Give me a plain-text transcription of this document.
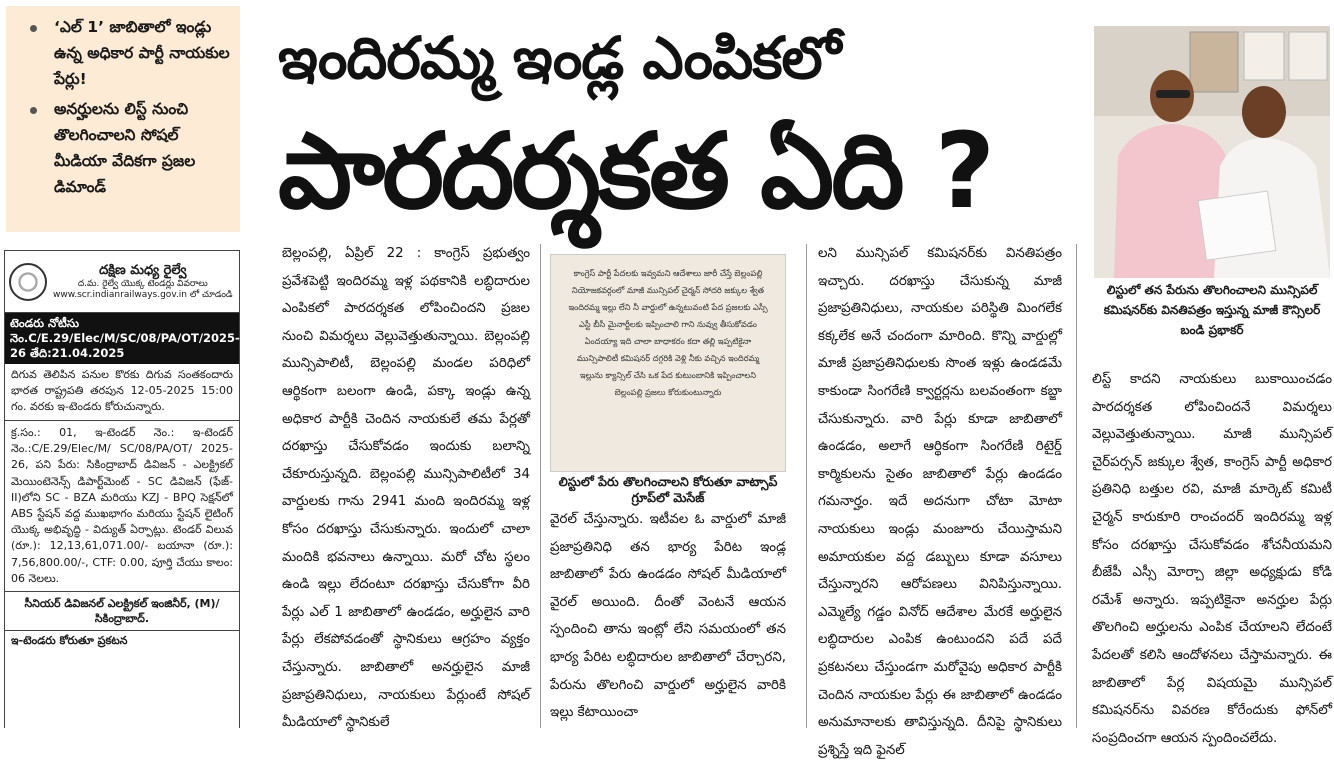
‘ఎల్ 1’ జాబితాలో ఇండ్లు ఉన్న అధికార పార్టీ నాయకుల పేర్లు!
అనర్హులను లిస్ట్ నుంచి తొలగించాలని సోషల్ మీడియా వేదికగా ప్రజల డిమాండ్
దక్షిణ మధ్య రైల్వే
ద.మ. రైల్వే యొక్క టెండర్లు వివరాలు
www.scr.indianrailways.gov.in లో చూడండి
టెండరు నోటీసు నెం.C/E.29/Elec/M/SC/08/PA/OT/2025-26 తేది:21.04.2025
దిగువ తెలిపిన పనుల కొరకు దిగువ సంతకందారు భారత రాష్ట్రపతి తరపున 12-05-2025 15:00 గం. వరకు ఇ-టెండరు కోరుచున్నారు.
క్ర.సం.: 01, ఇ-టెండర్ నెం.: ఇ-టెండర్ నెం.:C/E.29/Elec/M/ SC/08/PA/OT/ 2025-26, పని పేరు: సికింద్రాబాద్ డివిజన్ - ఎలక్ట్రికల్ మెయింటెనెన్స్ డిపార్ట్‌మెంట్ - SC డివిజన్ (ఫేజ్-II)లోని SC - BZA మరియు KZJ - BPQ సెక్షన్‌లో ABS స్టేషన్ వద్ద ముఖభాగం మరియు స్టేషన్ లైటింగ్ యొక్క అభివృద్ధి - విద్యుత్ ఏర్పాట్లు. టెండర్ విలువ (రూ.): 12,13,61,071.00/- బయానా (రూ.): 7,56,800.00/-, CTF: 0.00, పూర్తి చేయు కాలం: 06 నెలలు.
సీనియర్ డివిజనల్ ఎలక్ట్రికల్ ఇంజినీర్, (M)/సికింద్రాబాద్.
ఇ-టెండరు కోరుతూ ప్రకటన
ఇందిరమ్మ ఇండ్ల ఎంపికలో
పారదర్శకత ఏది ?
బెల్లంపల్లి, ఏప్రిల్ 22 : కాంగ్రెస్ ప్రభుత్వం ప్రవేశపెట్టి ఇందిరమ్మ ఇళ్ల పథకానికి లబ్ధిదారుల ఎంపికలో పారదర్శకత లోపించిందని ప్రజల నుంచి విమర్శలు వెల్లువెత్తుతున్నాయి. బెల్లంపల్లి మున్సిపాలిటీ, బెల్లంపల్లి మండల పరిధిలో ఆర్థికంగా బలంగా ఉండి, పక్కా ఇండ్లు ఉన్న అధికార పార్టీకి చెందిన నాయకులే తమ పేర్లతో దరఖాస్తు చేసుకోవడం ఇందుకు బలాన్ని చేకూరుస్తున్నది. బెల్లంపల్లి మున్సిపాలిటీలో 34 వార్డులకు గాను 2941 మంది ఇందిరమ్మ ఇళ్ల కోసం దరఖాస్తు చేసుకున్నారు. ఇందులో చాలా మందికి భవనాలు ఉన్నాయి. మరో చోట స్థలం ఉండి ఇల్లు లేదంటూ దరఖాస్తు చేసుకోగా వీరి పేర్లు ఎల్ 1 జాబితాలో ఉండడం, అర్హులైన వారి పేర్లు లేకపోవడంతో స్థానికులు ఆగ్రహం వ్యక్తం చేస్తున్నారు. జాబితాలో అనర్హులైన మాజీ ప్రజాప్రతినిధులు, నాయకులు పేర్లుంటే సోషల్ మీడియాలో స్థానికులే
కాంగ్రెస్ పార్టీ పేదలకు ఇవ్వమని ఆదేశాలు జారీ చేస్తే బెల్లంపల్లి నియోజకవర్గంలో మాజీ మున్సిపల్ చైర్మన్ సోదరి జక్కుల శ్వేత ఇందిరమ్మ ఇల్లు లేని నీ వార్డులో ఉన్నటువంటి పేద ప్రజలకు ఎస్సీ ఎస్టీ బీసీ మైనార్టీలకు ఇప్పించాలి గాని నువ్వు తీసుకోవడం ఏందయ్యా ఇది చాలా బాధాకరం కదా తల్లి ఇప్పటికైనా మున్సిపాలిటీ కమిషనర్ దగ్గరికి వెళ్లి నీకు వచ్చిన ఇందిరమ్మ ఇల్లును క్యాన్సిల్ చేసి ఒక పేద కుటుంబానికి ఇప్పించాలని బెల్లంపల్లి ప్రజలు కోరుకుంటున్నారు
లిస్టులో పేరు తొలగించాలని కోరుతూ వాట్సాప్ గ్రూప్‌లో మెసేజ్
వైరల్ చేస్తున్నారు. ఇటీవల ఓ వార్డులో మాజీ ప్రజాప్రతినిధి తన భార్య పేరిట ఇండ్ల జాబితాలో పేరు ఉండడం సోషల్ మీడియాలో వైరల్ అయింది. దీంతో వెంటనే ఆయన స్పందించి తాను ఇంట్లో లేని సమయంలో తన భార్య పేరిట లబ్ధిదారుల జాబితాలో చేర్చారని, పేరును తొలగించి వార్డులో అర్హులైన వారికి ఇల్లు కేటాయించా
లని మున్సిపల్ కమిషనర్‌కు వినతిపత్రం ఇచ్చారు. దరఖాస్తు చేసుకున్న మాజీ ప్రజాప్రతినిధులు, నాయకుల పరిస్థితి మింగలేక కక్కలేక అనే చందంగా మారింది. కొన్ని వార్డుల్లో మాజీ ప్రజాప్రతినిధులకు సొంత ఇళ్లు ఉండడమే కాకుండా సింగరేణి క్వార్టర్లను బలవంతంగా కబ్జా చేసుకున్నారు. వారి పేర్లు కూడా జాబితాలో ఉండడం, అలాగే ఆర్థికంగా సింగరేణి రిటైర్డ్ కార్మికులను సైతం జాబితాలో పేర్లు ఉండడం గమనార్హం. ఇదే అదనుగా చోటా మోటా నాయకులు ఇండ్లు మంజూరు చేయిస్తామని అమాయకుల వద్ద డబ్బులు కూడా వసూలు చేస్తున్నారని ఆరోపణలు వినిపిస్తున్నాయి. ఎమ్మెల్యే గడ్డం వినోద్ ఆదేశాల మేరకే అర్హులైన లబ్ధిదారుల ఎంపిక ఉంటుందని పదే పదే ప్రకటనలు చేస్తుండగా మరోవైపు అధికార పార్టీకి చెందిన నాయకుల పేర్లు ఈ జాబితాలో ఉండడం అనుమానాలకు తావిస్తున్నది. దీనిపై స్థానికులు ప్రశ్నిస్తే ఇది ఫైనల్
లిస్టులో తన పేరును తొలగించాలని మున్సిపల్ కమిషనర్‌కు వినతిపత్రం ఇస్తున్న మాజీ కౌన్సిలర్ బండి ప్రభాకర్
లిస్ట్ కాదని నాయకులు బుకాయించడం పారదర్శకత లోపించిందనే విమర్శలు వెల్లువెత్తుతున్నాయి. మాజీ మున్సిపల్ చైర్‌పర్సన్ జక్కుల శ్వేత, కాంగ్రెస్ పార్టీ అధికార ప్రతినిధి బత్తుల రవి, మాజీ మార్కెట్ కమిటీ చైర్మన్ కారుకూరి రాంచందర్ ఇందిరమ్మ ఇళ్ల కోసం దరఖాస్తు చేసుకోవడం శోచనీయమని బీజేపీ ఎస్సీ మోర్చా జిల్లా అధ్యక్షుడు కోడి రమేశ్ అన్నారు. ఇప్పటికైనా అనర్హుల పేర్లు తొలగించి అర్హులను ఎంపిక చేయాలని లేదంటే పేదలతో కలిసి ఆందోళనలు చేస్తామన్నారు. ఈ జాబితాలో పేర్ల విషయమై మున్సిపల్ కమిషనర్‌ను వివరణ కోరేందుకు ఫోన్‌లో సంప్రదించగా ఆయన స్పందించలేదు.
